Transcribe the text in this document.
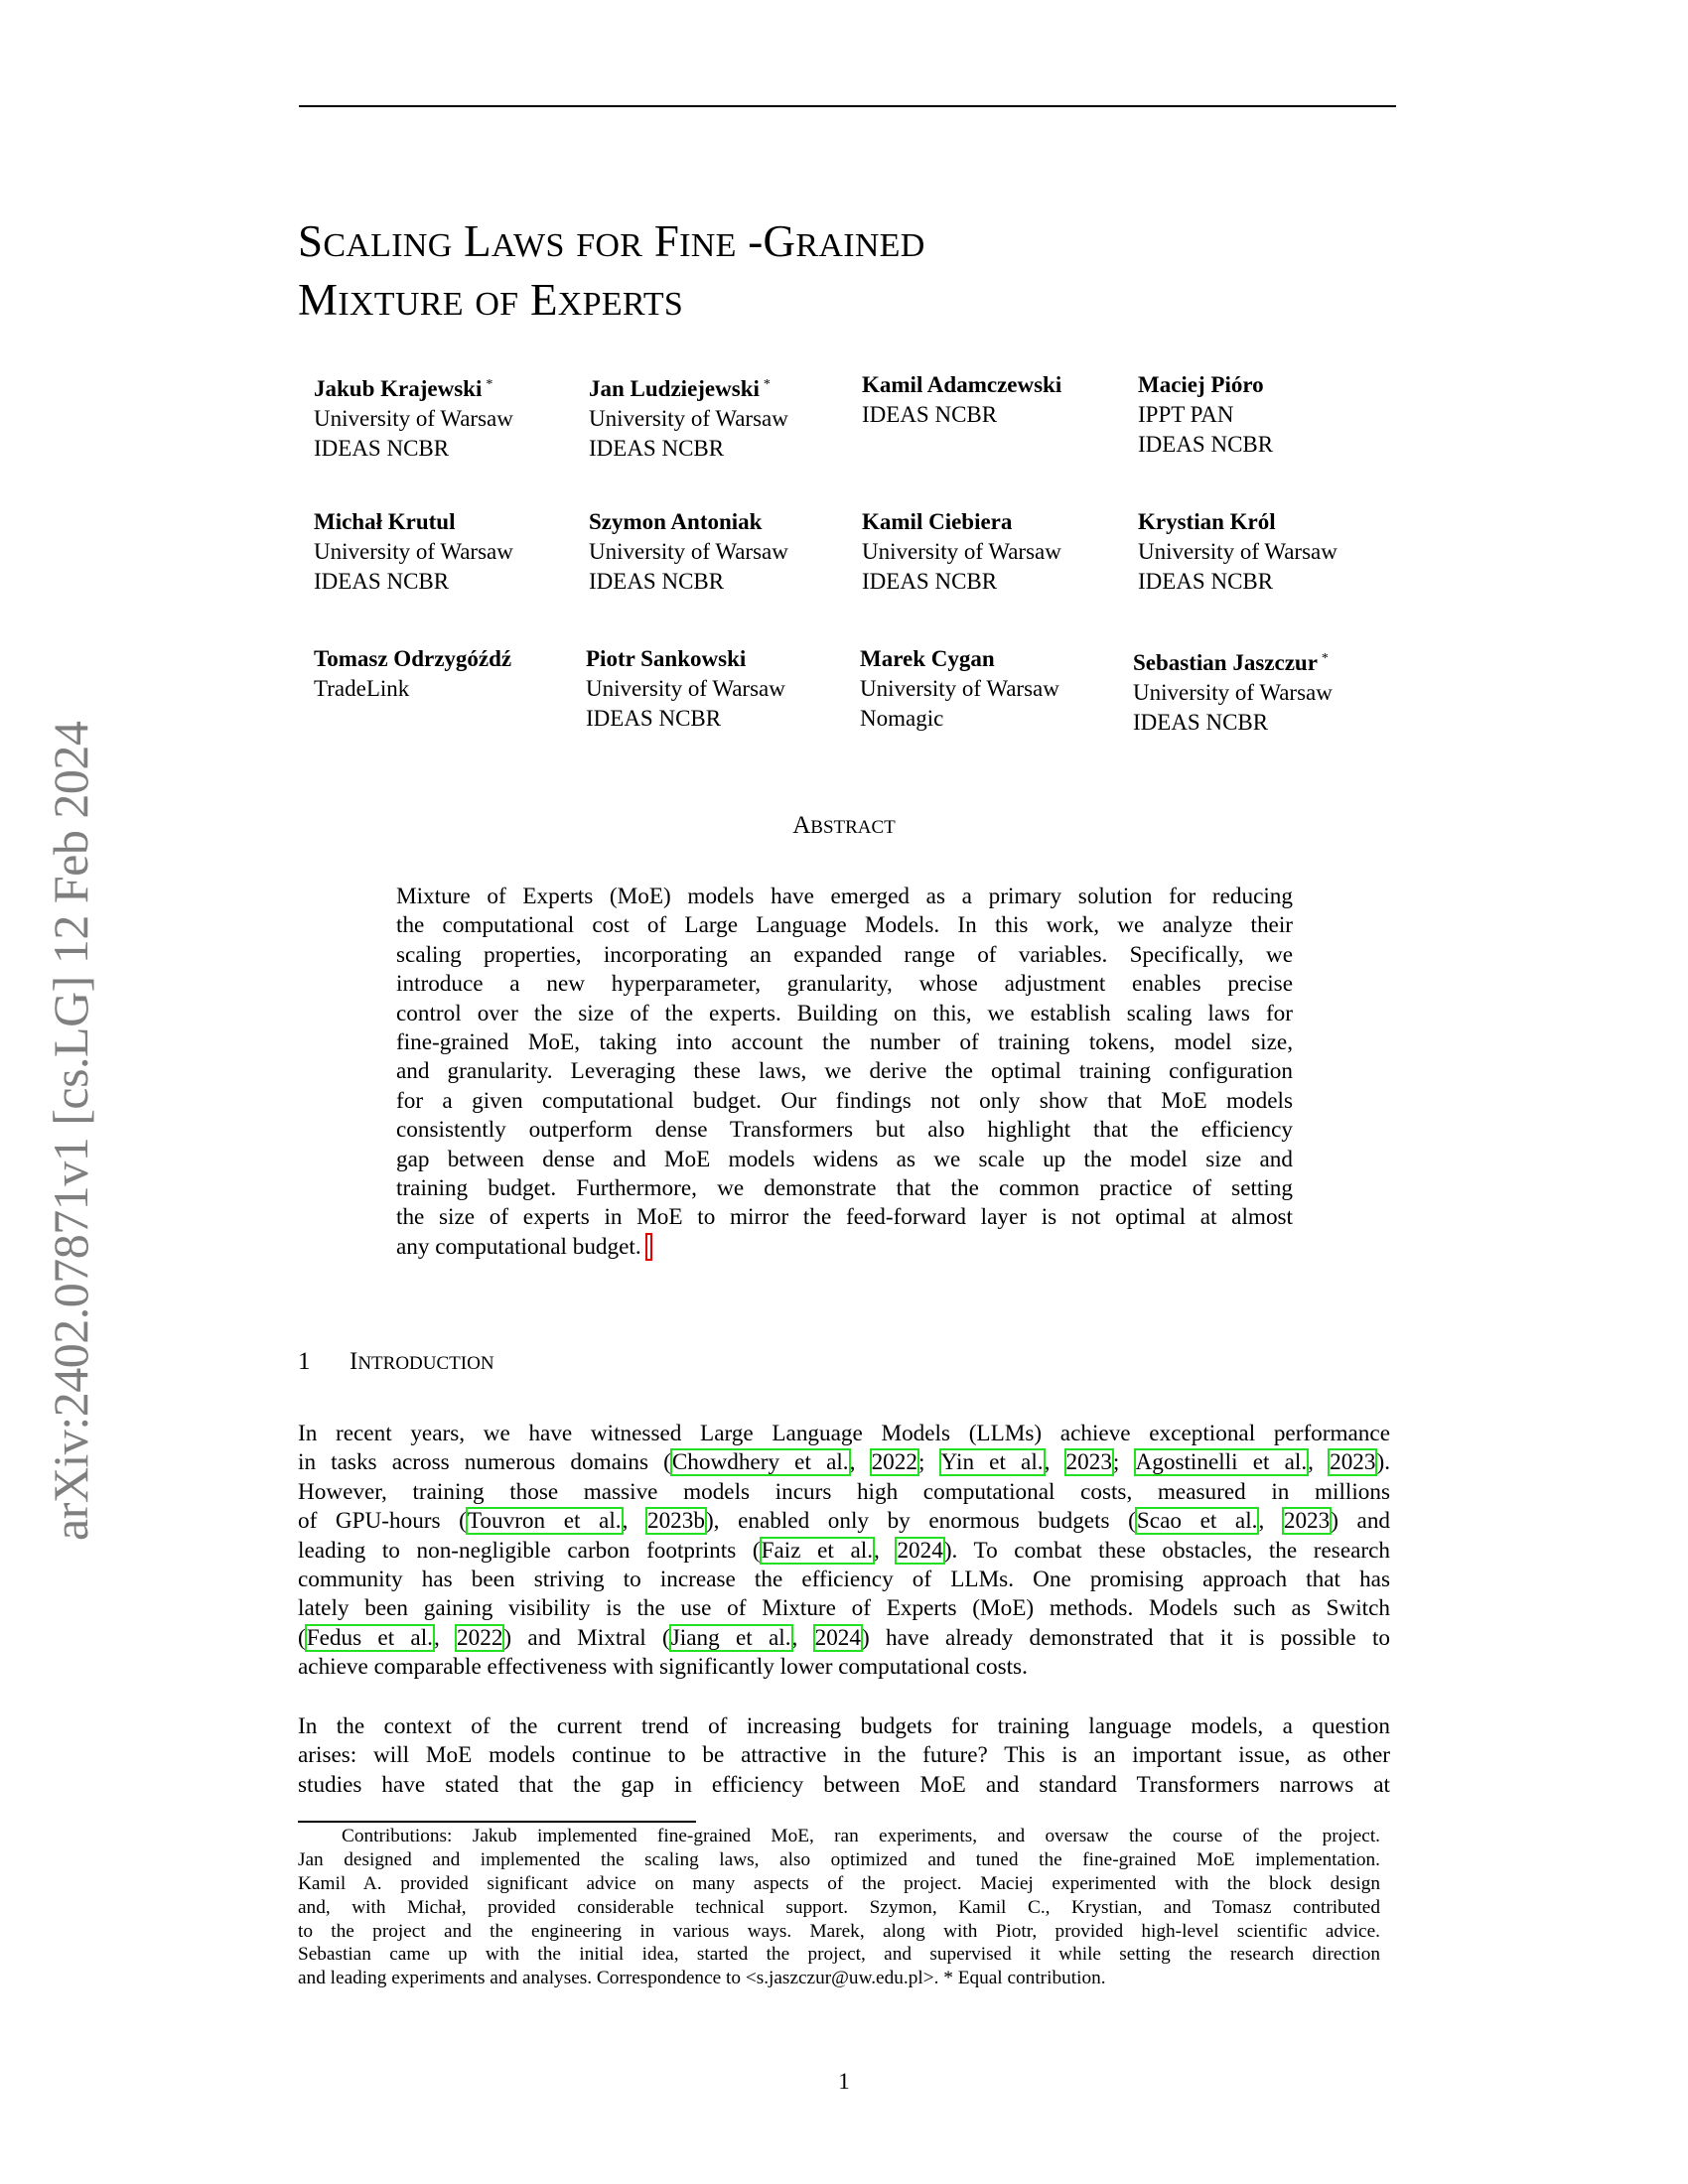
arXiv:2402.07871v1 [cs.LG] 12 Feb 2024
SCALING LAWS FOR FINE -GRAINED
MIXTURE OF EXPERTS
Jakub Krajewski *
University of Warsaw
IDEAS NCBR
Jan Ludziejewski *
University of Warsaw
IDEAS NCBR
Kamil Adamczewski
IDEAS NCBR
Maciej Pióro
IPPT PAN
IDEAS NCBR
Michał Krutul
University of Warsaw
IDEAS NCBR
Szymon Antoniak
University of Warsaw
IDEAS NCBR
Kamil Ciebiera
University of Warsaw
IDEAS NCBR
Krystian Król
University of Warsaw
IDEAS NCBR
Tomasz Odrzygóźdź
TradeLink
Piotr Sankowski
University of Warsaw
IDEAS NCBR
Marek Cygan
University of Warsaw
Nomagic
Sebastian Jaszczur *
University of Warsaw
IDEAS NCBR
ABSTRACT
Mixture of Experts (MoE) models have emerged as a primary solution for reducing
the computational cost of Large Language Models. In this work, we analyze their
scaling properties, incorporating an expanded range of variables. Specifically, we
introduce a new hyperparameter, granularity, whose adjustment enables precise
control over the size of the experts. Building on this, we establish scaling laws for
fine-grained MoE, taking into account the number of training tokens, model size,
and granularity. Leveraging these laws, we derive the optimal training configuration
for a given computational budget. Our findings not only show that MoE models
consistently outperform dense Transformers but also highlight that the efficiency
gap between dense and MoE models widens as we scale up the model size and
training budget. Furthermore, we demonstrate that the common practice of setting
the size of experts in MoE to mirror the feed-forward layer is not optimal at almost
any computational budget.
1 INTRODUCTION
In recent years, we have witnessed Large Language Models (LLMs) achieve exceptional performance
in tasks across numerous domains (Chowdhery et al., 2022; Yin et al., 2023; Agostinelli et al., 2023).
However, training those massive models incurs high computational costs, measured in millions
of GPU-hours (Touvron et al., 2023b), enabled only by enormous budgets (Scao et al., 2023) and
leading to non-negligible carbon footprints (Faiz et al., 2024). To combat these obstacles, the research
community has been striving to increase the efficiency of LLMs. One promising approach that has
lately been gaining visibility is the use of Mixture of Experts (MoE) methods. Models such as Switch
(Fedus et al., 2022) and Mixtral (Jiang et al., 2024) have already demonstrated that it is possible to
achieve comparable effectiveness with significantly lower computational costs.
In the context of the current trend of increasing budgets for training language models, a question
arises: will MoE models continue to be attractive in the future? This is an important issue, as other
studies have stated that the gap in efficiency between MoE and standard Transformers narrows at
Contributions: Jakub implemented fine-grained MoE, ran experiments, and oversaw the course of the project.
Jan designed and implemented the scaling laws, also optimized and tuned the fine-grained MoE implementation.
Kamil A. provided significant advice on many aspects of the project. Maciej experimented with the block design
and, with Michał, provided considerable technical support. Szymon, Kamil C., Krystian, and Tomasz contributed
to the project and the engineering in various ways. Marek, along with Piotr, provided high-level scientific advice.
Sebastian came up with the initial idea, started the project, and supervised it while setting the research direction
and leading experiments and analyses. Correspondence to <s.jaszczur@uw.edu.pl>. * Equal contribution.
1
